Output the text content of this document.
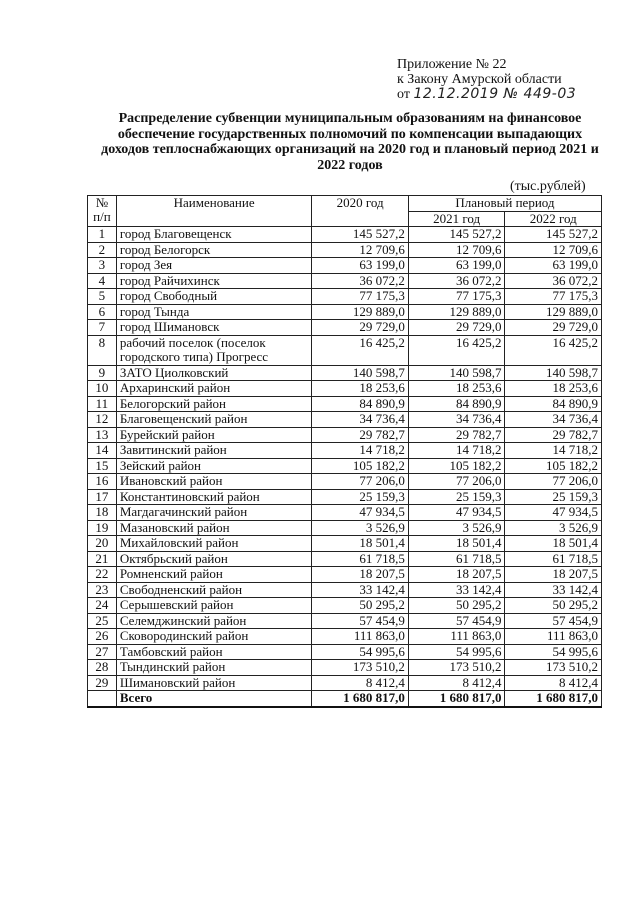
Приложение № 22
к Закону Амурской области
от 12.12.2019 № 449-03
Распределение субвенции муниципальным образованиям на финансовое обеспечение государственных полномочий по компенсации выпадающих доходов теплоснабжающих организаций на 2020 год и плановый период 2021 и 2022 годов
(тыс.рублей)
№ п/п	Наименование	2020 год	Плановый период	
			2021 год	2022 год
1	город Благовещенск	145 527,2	145 527,2	145 527,2
2	город Белогорск	12 709,6	12 709,6	12 709,6
3	город Зея	63 199,0	63 199,0	63 199,0
4	город Райчихинск	36 072,2	36 072,2	36 072,2
5	город Свободный	77 175,3	77 175,3	77 175,3
6	город Тында	129 889,0	129 889,0	129 889,0
7	город Шимановск	29 729,0	29 729,0	29 729,0
8	рабочий поселок (поселок городского типа) Прогресс	16 425,2	16 425,2	16 425,2
9	ЗАТО Циолковский	140 598,7	140 598,7	140 598,7
10	Архаринский район	18 253,6	18 253,6	18 253,6
11	Белогорский район	84 890,9	84 890,9	84 890,9
12	Благовещенский район	34 736,4	34 736,4	34 736,4
13	Бурейский район	29 782,7	29 782,7	29 782,7
14	Завитинский район	14 718,2	14 718,2	14 718,2
15	Зейский район	105 182,2	105 182,2	105 182,2
16	Ивановский район	77 206,0	77 206,0	77 206,0
17	Константиновский район	25 159,3	25 159,3	25 159,3
18	Магдагачинский район	47 934,5	47 934,5	47 934,5
19	Мазановский район	3 526,9	3 526,9	3 526,9
20	Михайловский район	18 501,4	18 501,4	18 501,4
21	Октябрьский район	61 718,5	61 718,5	61 718,5
22	Ромненский район	18 207,5	18 207,5	18 207,5
23	Свободненский район	33 142,4	33 142,4	33 142,4
24	Серышевский район	50 295,2	50 295,2	50 295,2
25	Селемджинский район	57 454,9	57 454,9	57 454,9
26	Сковородинский район	111 863,0	111 863,0	111 863,0
27	Тамбовский район	54 995,6	54 995,6	54 995,6
28	Тындинский район	173 510,2	173 510,2	173 510,2
29	Шимановский район	8 412,4	8 412,4	8 412,4
	Всего	1 680 817,0	1 680 817,0	1 680 817,0
